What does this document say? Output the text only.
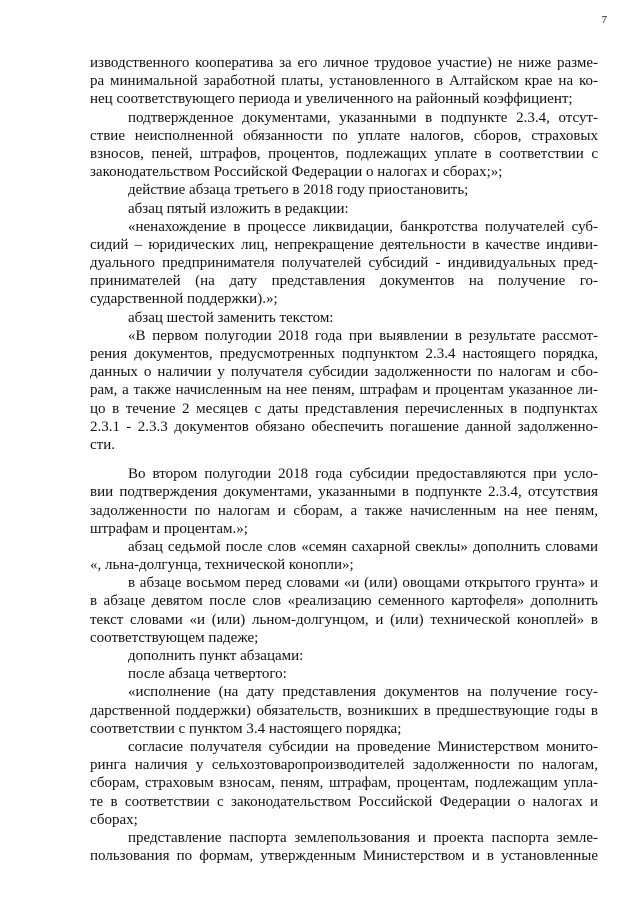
7
изводственного кооператива за его личное трудовое участие) не ниже разме-
ра минимальной заработной платы, установленного в Алтайском крае на ко-
нец соответствующего периода и увеличенного на районный коэффициент;
подтвержденное документами, указанными в подпункте 2.3.4, отсут-
ствие неисполненной обязанности по уплате налогов, сборов, страховых
взносов, пеней, штрафов, процентов, подлежащих уплате в соответствии с
законодательством Российской Федерации о налогах и сборах;»;
действие абзаца третьего в 2018 году приостановить;
абзац пятый изложить в редакции:
«ненахождение в процессе ликвидации, банкротства получателей суб-
сидий – юридических лиц, непрекращение деятельности в качестве индиви-
дуального предпринимателя получателей субсидий - индивидуальных пред-
принимателей (на дату представления документов на получение го-
сударственной поддержки).»;
абзац шестой заменить текстом:
«В первом полугодии 2018 года при выявлении в результате рассмот-
рения документов, предусмотренных подпунктом 2.3.4 настоящего порядка,
данных о наличии у получателя субсидии задолженности по налогам и сбо-
рам, а также начисленным на нее пеням, штрафам и процентам указанное ли-
цо в течение 2 месяцев с даты представления перечисленных в подпунктах
2.3.1 - 2.3.3 документов обязано обеспечить погашение данной задолженно-
сти.
Во втором полугодии 2018 года субсидии предоставляются при усло-
вии подтверждения документами, указанными в подпункте 2.3.4, отсутствия
задолженности по налогам и сборам, а также начисленным на нее пеням,
штрафам и процентам.»;
абзац седьмой после слов «семян сахарной свеклы» дополнить словами
«, льна-долгунца, технической конопли»;
в абзаце восьмом перед словами «и (или) овощами открытого грунта» и
в абзаце девятом после слов «реализацию семенного картофеля» дополнить
текст словами «и (или) льном-долгунцом, и (или) технической коноплей» в
соответствующем падеже;
дополнить пункт абзацами:
после абзаца четвертого:
«исполнение (на дату представления документов на получение госу-
дарственной поддержки) обязательств, возникших в предшествующие годы в
соответствии с пунктом 3.4 настоящего порядка;
согласие получателя субсидии на проведение Министерством монито-
ринга наличия у сельхозтоваропроизводителей задолженности по налогам,
сборам, страховым взносам, пеням, штрафам, процентам, подлежащим упла-
те в соответствии с законодательством Российской Федерации о налогах и
сборах;
представление паспорта землепользования и проекта паспорта земле-
пользования по формам, утвержденным Министерством и в установленные
